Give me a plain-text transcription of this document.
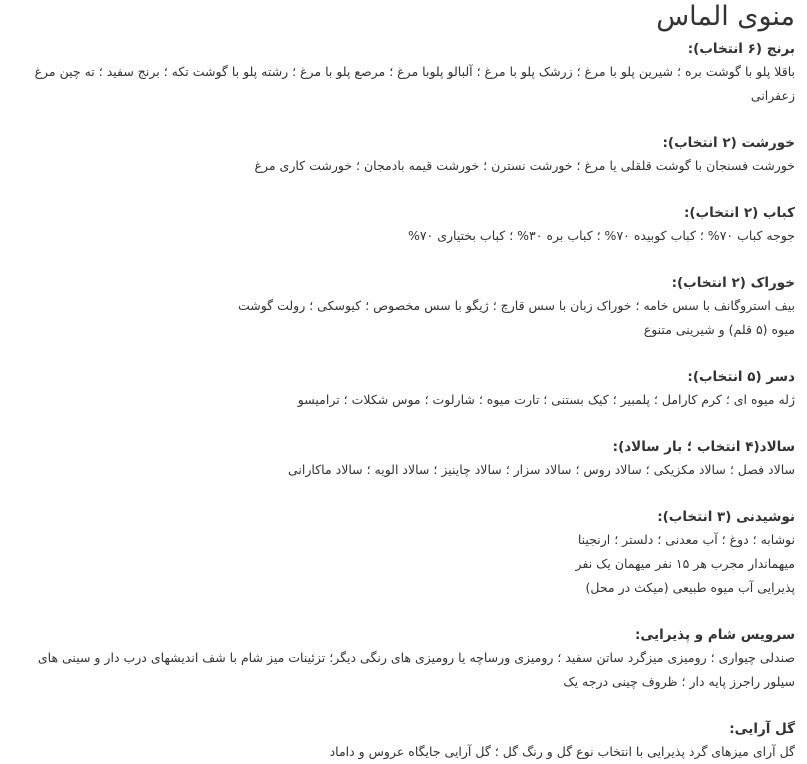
منوی الماس
برنج (۶ انتخاب):
باقلا پلو با گوشت بره ؛ شیرین پلو با مرغ ؛ زرشک پلو با مرغ ؛ آلبالو پلوبا مرغ ؛ مرصع پلو با مرغ ؛ رشته پلو با گوشت تکه ؛ برنج سفید ؛ ته چین مرغ زعفرانی
خورشت (۲ انتخاب):
خورشت فسنجان با گوشت قلقلی یا مرغ ؛ خورشت نسترن ؛ خورشت قیمه بادمجان ؛ خورشت کاری مرغ
کباب (۲ انتخاب):
جوجه کباب ۷۰% ؛ کباب کوبیده ۷۰% ؛ کباب بره ۳۰% ؛ کباب بختیاری ۷۰%
خوراک (۲ انتخاب):
بیف استروگانف با سس خامه ؛ خوراک زبان با سس قارچ ؛ ژیگو با سس مخصوص ؛ کیوسکی ؛ رولت گوشت
میوه (۵ قلم) و شیرینی متنوع
دسر (۵ انتخاب):
ژله میوه ای ؛ کرم کارامل ؛ پلمبیر ؛ کیک بستنی ؛ تارت میوه ؛ شارلوت ؛ موس شکلات ؛ ترامیسو
سالاد(۴ انتخاب ؛ بار سالاد):
سالاد فصل ؛ سالاد مکزیکی ؛ سالاد روس ؛ سالاد سزار ؛ سالاد چاینیز ؛ سالاد الویه ؛ سالاد ماکارانی
نوشیدنی (۳ انتخاب):
نوشابه ؛ دوغ ؛ آب معدنی ؛ دلستر ؛ ارنجینا
میهماندار مجرب هر ۱۵ نفر میهمان یک نفر
پذیرایی آب میوه طبیعی (میکث در محل)
سرویس شام و پذیرایی:
صندلی چیواری ؛ رومیزی میزگرد ساتن سفید ؛ رومیزی ورساچه یا رومیزی های رنگی دیگر؛ تزئینات میز شام با شف اندیشهای درب دار و سینی های سیلور راجرز پایه دار ؛ ظروف چینی درجه یک
گل آرایی:
گل آرای میزهای گرد پذیرایی با انتخاب نوع گل و رنگ گل ؛ گل آرایی جایگاه عروس و داماد
